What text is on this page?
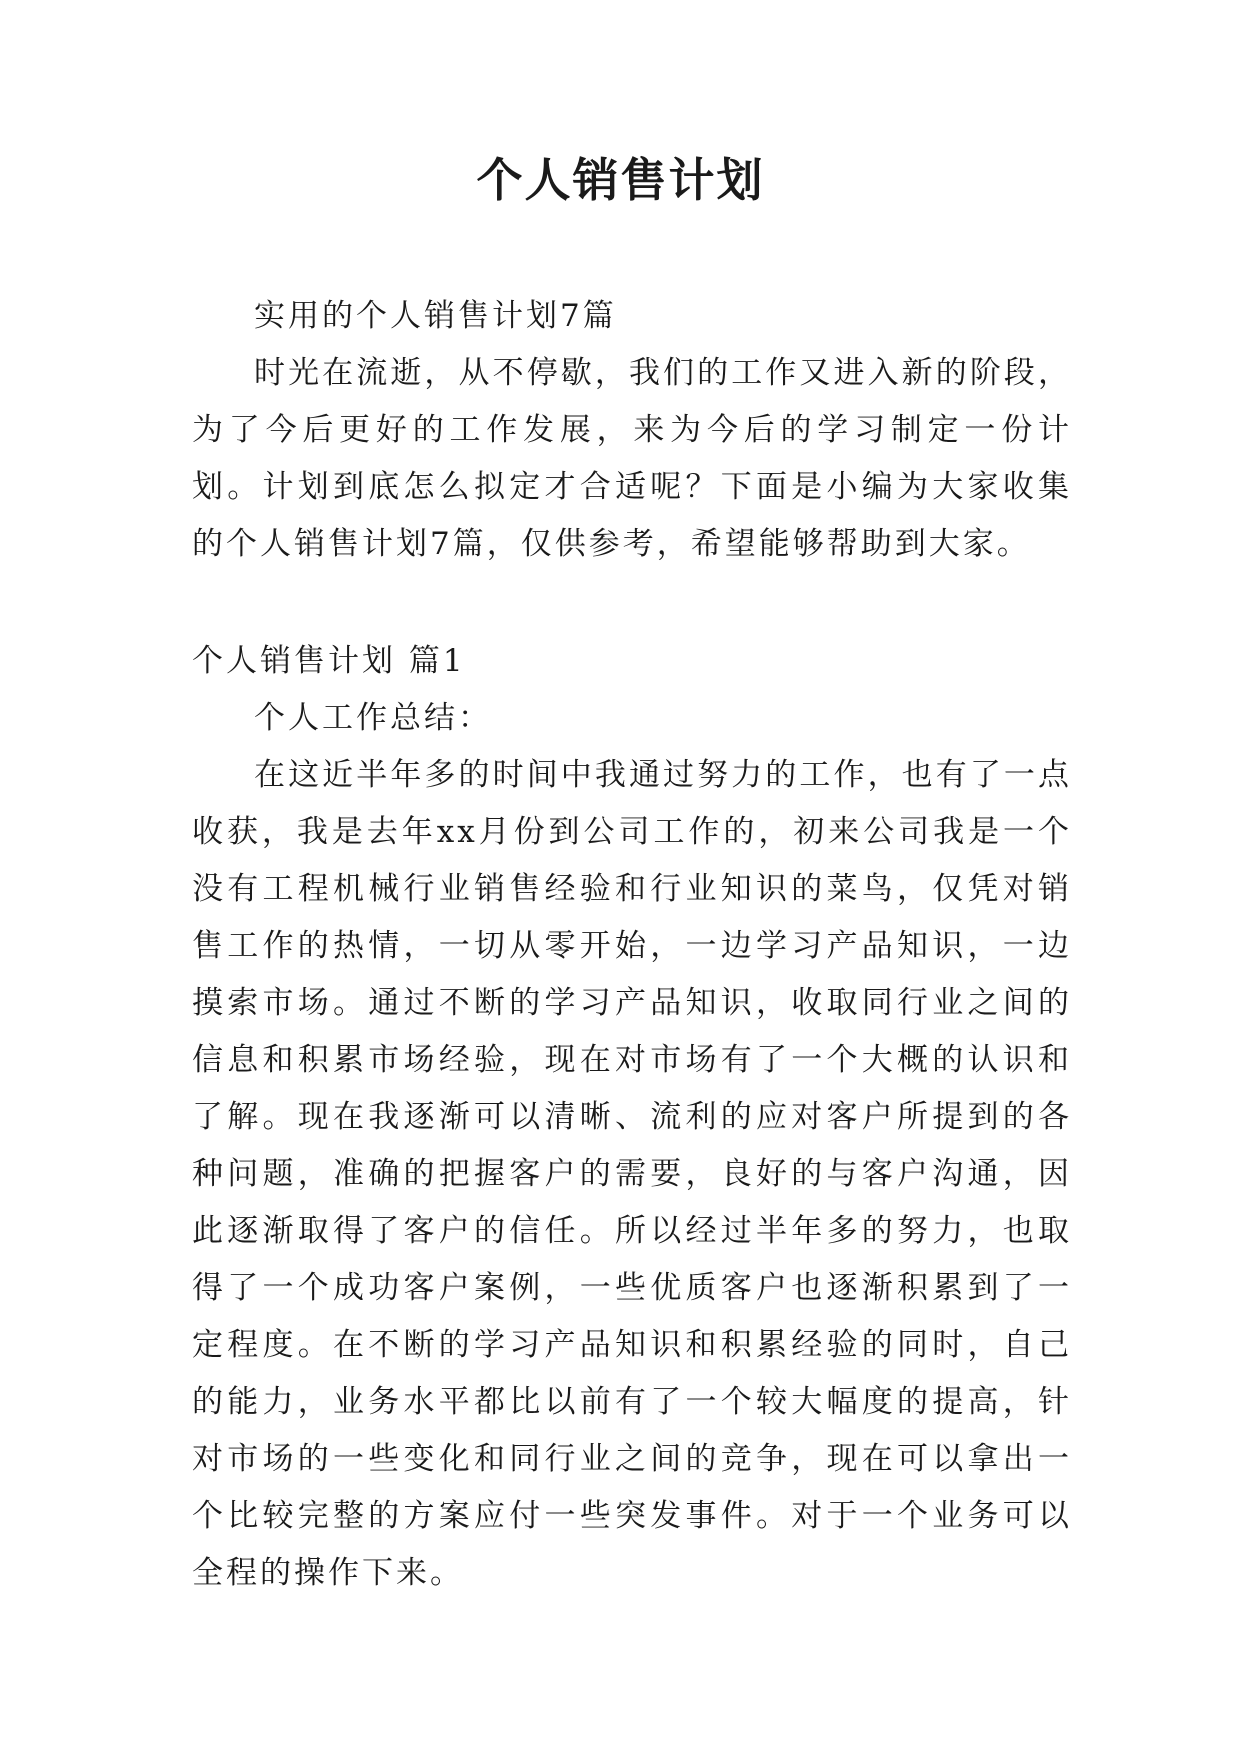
个人销售计划

实用的个人销售计划7篇

时光在流逝，从不停歇，我们的工作又进入新的阶段，为了今后更好的工作发展，来为今后的学习制定一份计划。计划到底怎么拟定才合适呢？下面是小编为大家收集的个人销售计划7篇，仅供参考，希望能够帮助到大家。

个人销售计划 篇1

个人工作总结：

在这近半年多的时间中我通过努力的工作，也有了一点收获，我是去年xx月份到公司工作的，初来公司我是一个没有工程机械行业销售经验和行业知识的菜鸟，仅凭对销售工作的热情，一切从零开始，一边学习产品知识，一边摸索市场。通过不断的学习产品知识，收取同行业之间的信息和积累市场经验，现在对市场有了一个大概的认识和了解。现在我逐渐可以清晰、流利的应对客户所提到的各种问题，准确的把握客户的需要，良好的与客户沟通，因此逐渐取得了客户的信任。所以经过半年多的努力，也取得了一个成功客户案例，一些优质客户也逐渐积累到了一定程度。在不断的学习产品知识和积累经验的同时，自己的能力，业务水平都比以前有了一个较大幅度的提高，针对市场的一些变化和同行业之间的竞争，现在可以拿出一个比较完整的方案应付一些突发事件。对于一个业务可以全程的操作下来。
